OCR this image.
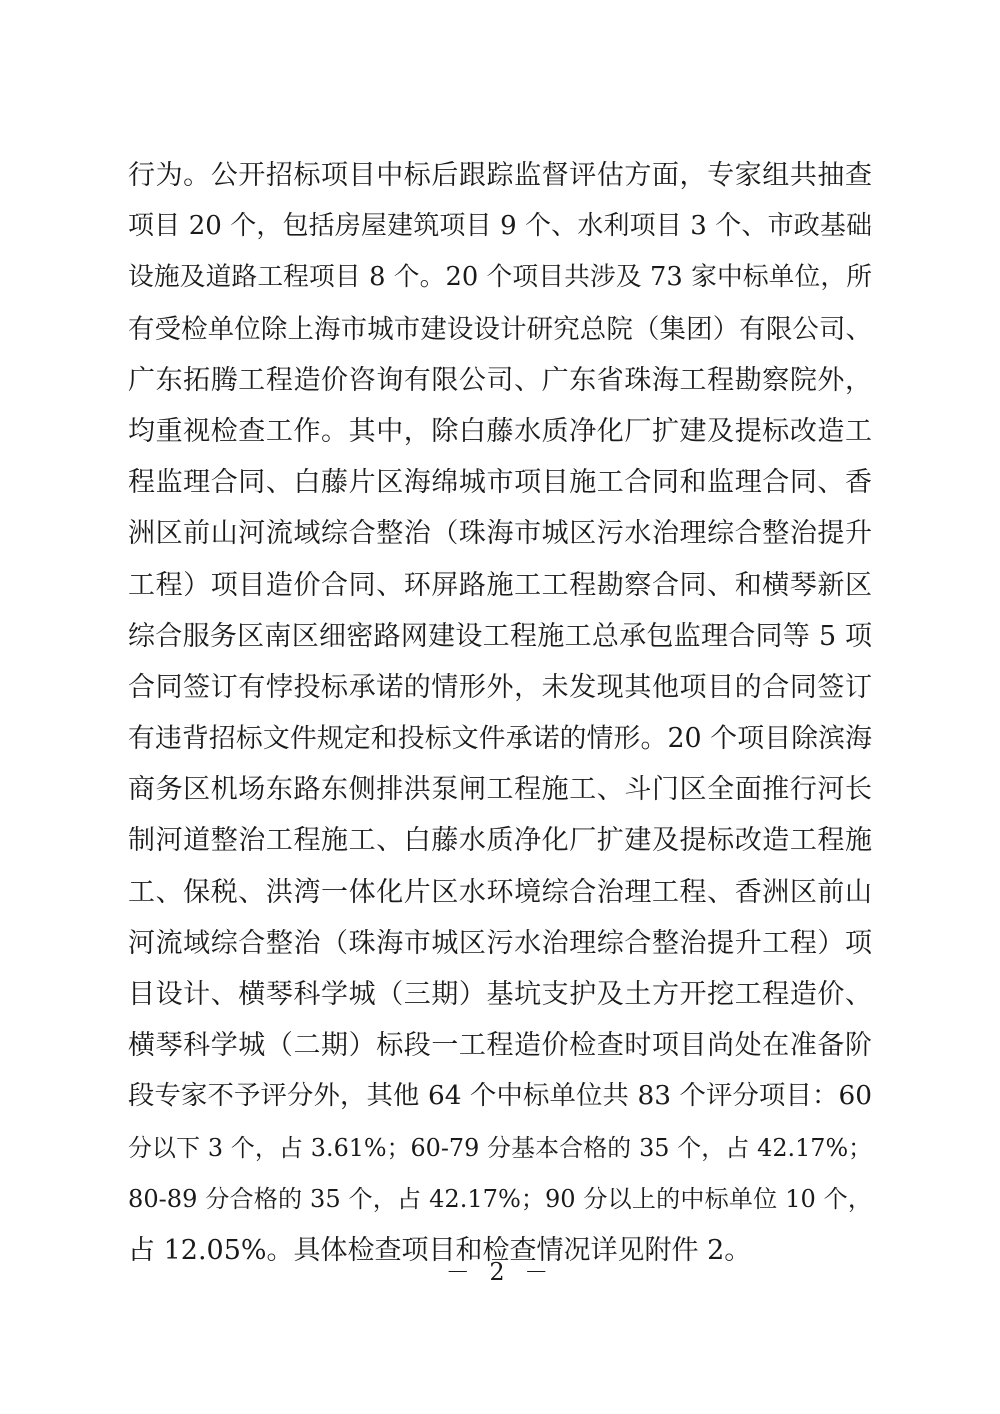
行为。公开招标项目中标后跟踪监督评估方面，专家组共抽查
项目 20 个，包括房屋建筑项目 9 个、水利项目 3 个、市政基础
设施及道路工程项目 8 个。20 个项目共涉及 73 家中标单位，所
有受检单位除上海市城市建设设计研究总院（集团）有限公司、
广东拓腾工程造价咨询有限公司、广东省珠海工程勘察院外，
均重视检查工作。其中，除白藤水质净化厂扩建及提标改造工
程监理合同、白藤片区海绵城市项目施工合同和监理合同、香
洲区前山河流域综合整治（珠海市城区污水治理综合整治提升
工程）项目造价合同、环屏路施工工程勘察合同、和横琴新区
综合服务区南区细密路网建设工程施工总承包监理合同等 5 项
合同签订有悖投标承诺的情形外，未发现其他项目的合同签订
有违背招标文件规定和投标文件承诺的情形。20 个项目除滨海
商务区机场东路东侧排洪泵闸工程施工、斗门区全面推行河长
制河道整治工程施工、白藤水质净化厂扩建及提标改造工程施
工、保税、洪湾一体化片区水环境综合治理工程、香洲区前山
河流域综合整治（珠海市城区污水治理综合整治提升工程）项
目设计、横琴科学城（三期）基坑支护及土方开挖工程造价、
横琴科学城（二期）标段一工程造价检查时项目尚处在准备阶
段专家不予评分外，其他 64 个中标单位共 83 个评分项目：60
分以下 3 个，占 3.61%；60-79 分基本合格的 35 个，占 42.17%；
80-89 分合格的 35 个，占 42.17%；90 分以上的中标单位 10 个，
占 12.05%。具体检查项目和检查情况详见附件 2。
－ 2 －
